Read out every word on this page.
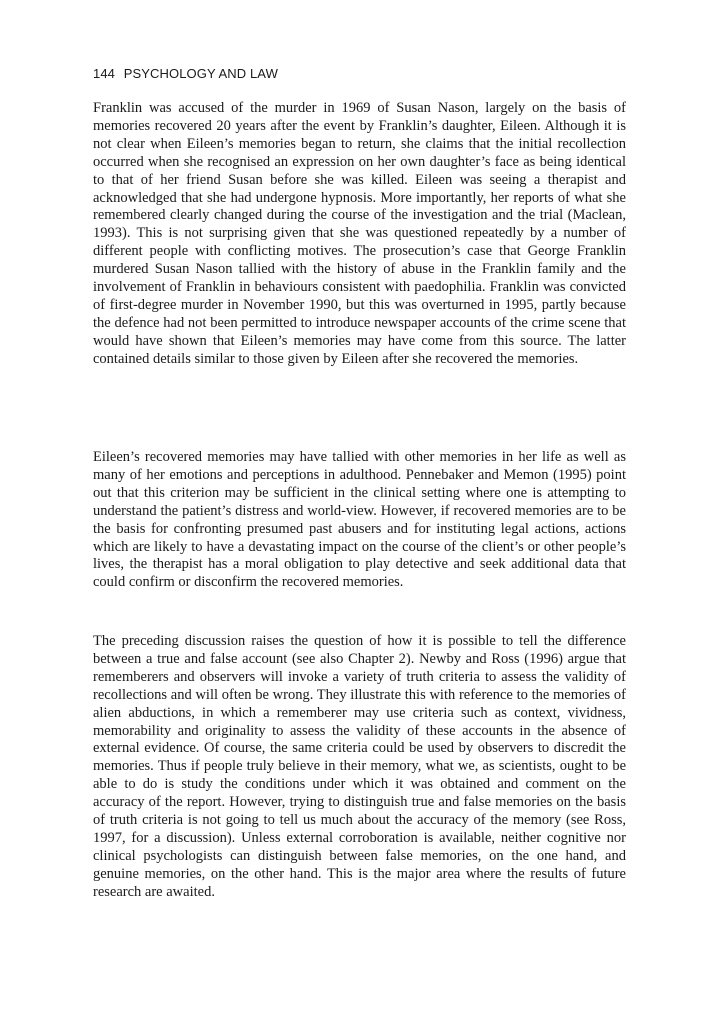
144 PSYCHOLOGY AND LAW

Franklin was accused of the murder in 1969 of Susan Nason, largely on the basis of memories recovered 20 years after the event by Franklin’s daughter, Eileen. Although it is not clear when Eileen’s memories began to return, she claims that the initial recollection occurred when she recognised an expression on her own daughter’s face as being identical to that of her friend Susan before she was killed. Eileen was seeing a therapist and acknowledged that she had undergone hypnosis. More importantly, her reports of what she remembered clearly changed during the course of the investigation and the trial (Maclean, 1993). This is not surprising given that she was questioned repeatedly by a number of different people with conflicting motives. The prosecution’s case that George Franklin murdered Susan Nason tallied with the history of abuse in the Franklin family and the involvement of Franklin in behaviours consistent with paedophilia. Franklin was convicted of first-degree murder in November 1990, but this was overturned in 1995, partly because the defence had not been permitted to introduce newspaper accounts of the crime scene that would have shown that Eileen’s memories may have come from this source. The latter contained details similar to those given by Eileen after she recovered the memories.

Eileen’s recovered memories may have tallied with other memories in her life as well as many of her emotions and perceptions in adulthood. Pennebaker and Memon (1995) point out that this criterion may be sufficient in the clinical setting where one is attempting to understand the patient’s distress and world-view. However, if recovered memories are to be the basis for confronting presumed past abusers and for instituting legal actions, actions which are likely to have a devastating impact on the course of the client’s or other people’s lives, the therapist has a moral obligation to play detective and seek additional data that could confirm or disconfirm the recovered memories.

The preceding discussion raises the question of how it is possible to tell the difference between a true and false account (see also Chapter 2). Newby and Ross (1996) argue that rememberers and observers will invoke a variety of truth criteria to assess the validity of recollections and will often be wrong. They illustrate this with reference to the memories of alien abductions, in which a rememberer may use criteria such as context, vividness, memorability and originality to assess the validity of these accounts in the absence of external evidence. Of course, the same criteria could be used by observers to discredit the memories. Thus if people truly believe in their memory, what we, as scientists, ought to be able to do is study the conditions under which it was obtained and comment on the accuracy of the report. However, trying to distinguish true and false memories on the basis of truth criteria is not going to tell us much about the accuracy of the memory (see Ross, 1997, for a discussion). Unless external corroboration is available, neither cognitive nor clinical psychologists can distinguish between false memories, on the one hand, and genuine memories, on the other hand. This is the major area where the results of future research are awaited.
